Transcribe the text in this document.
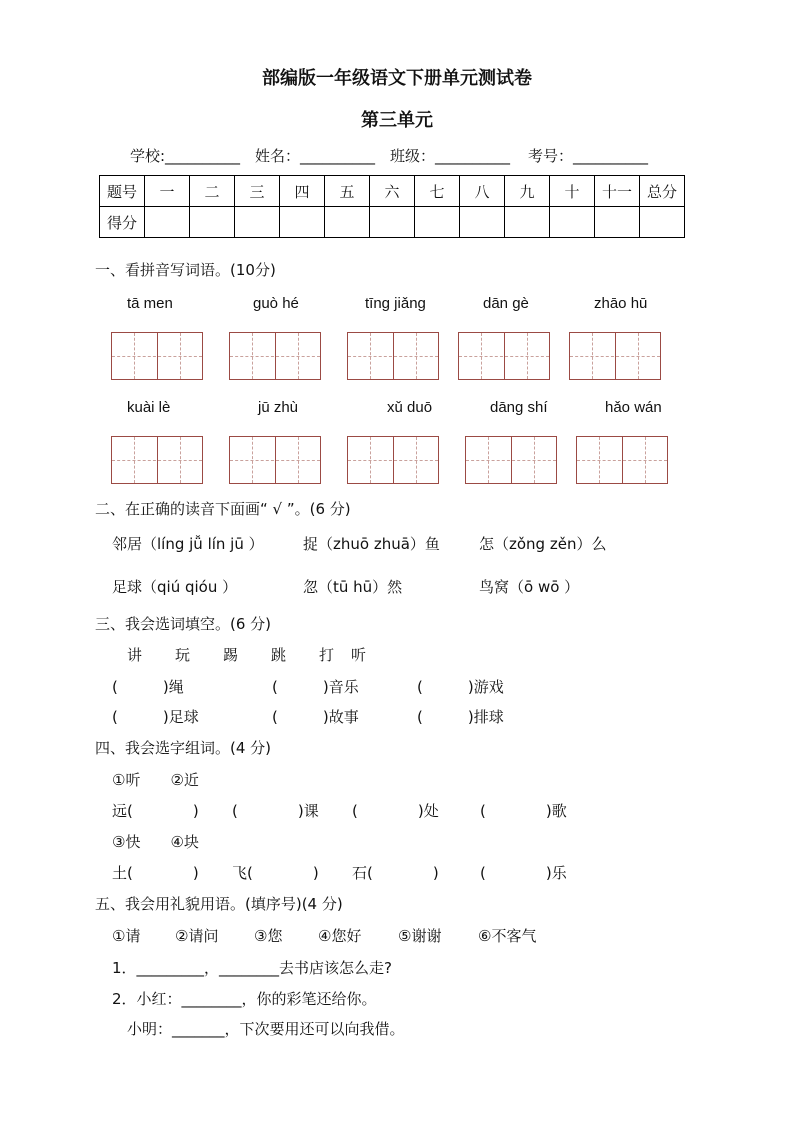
部编版一年级语文下册单元测试卷
第三单元
学校:__________ 姓名：__________ 班级：__________ 考号：__________
题号	一	二	三	四	五	六	七	八	九	十	十一	总分
得分												
一、看拼音写词语。(10分)
tā men	guò hé	tīng jiǎng	dān gè	zhāo hū
kuài lè	jū zhù	xǔ duō	dāng shí	hǎo wán
二、在正确的读音下面画“ √ ”。(6 分)
邻居（líng jǚ lín jū ）	捉（zhuō zhuā）鱼	怎（zǒng zěn）么
足球（qiú qióu ）	忽（tū hū）然	鸟窝（ō wō ）
三、我会选词填空。(6 分)
讲 玩 踢 跳 打 听
(　　　)绳	(　　　)音乐	(　　　)游戏
(　　　)足球	(　　　)故事	(　　　)排球
四、我会选字组词。(4 分)
①听　　②近
远(　　　　) (　　　　)课 (　　　　)处	(　　　　)歌
③快　　④块
土(　　　　) 飞(　　　　) 石(　　　　)	(　　　　)乐
五、我会用礼貌用语。(填序号)(4 分)
①请 ②请问 ③您 ④您好 ⑤谢谢 ⑥不客气
1．_________，________去书店该怎么走?
2．小红：________，你的彩笔还给你。
小明：_______，下次要用还可以向我借。
